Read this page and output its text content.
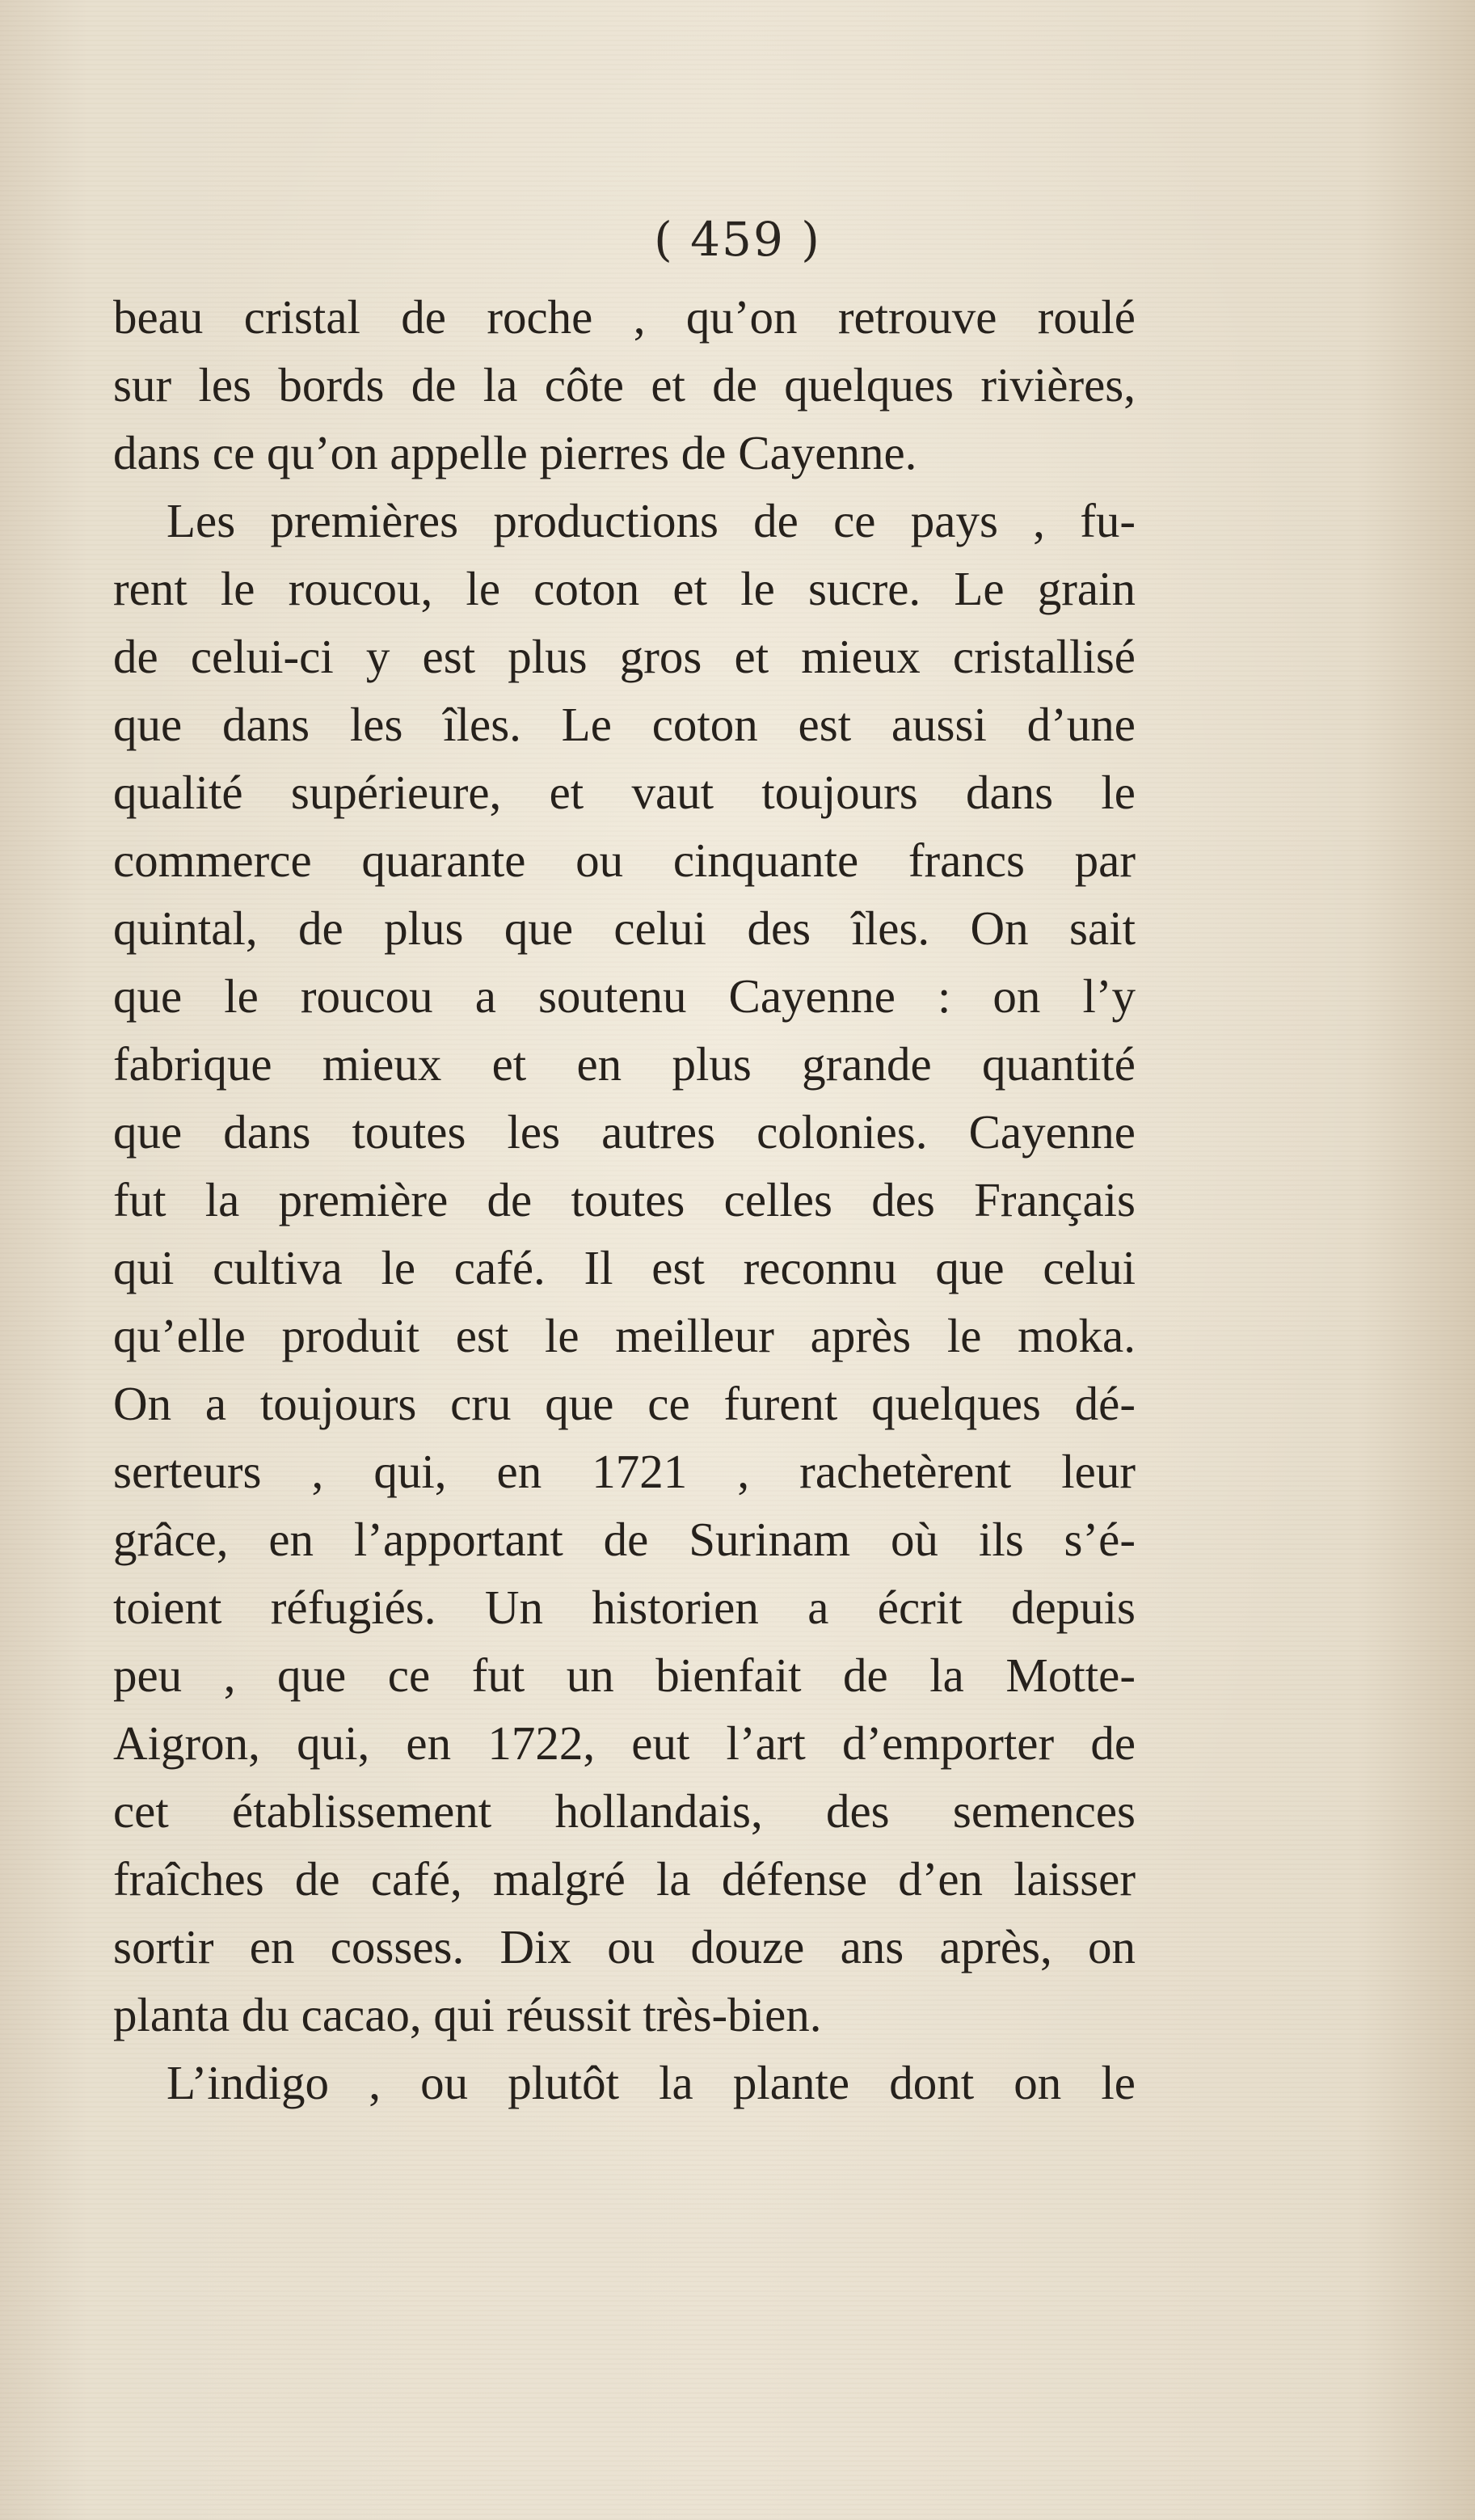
( 459 )
beau cristal de roche , qu’on retrouve roulé
sur les bords de la côte et de quelques rivières,
dans ce qu’on appelle pierres de Cayenne.
Les premières productions de ce pays , fu-
rent le roucou, le coton et le sucre. Le grain
de celui-ci y est plus gros et mieux cristallisé
que dans les îles. Le coton est aussi d’une
qualité supérieure, et vaut toujours dans le
commerce quarante ou cinquante francs par
quintal, de plus que celui des îles. On sait
que le roucou a soutenu Cayenne : on l’y
fabrique mieux et en plus grande quantité
que dans toutes les autres colonies. Cayenne
fut la première de toutes celles des Français
qui cultiva le café. Il est reconnu que celui
qu’elle produit est le meilleur après le moka.
On a toujours cru que ce furent quelques dé-
serteurs , qui, en 1721 , rachetèrent leur
grâce, en l’apportant de Surinam où ils s’é-
toient réfugiés. Un historien a écrit depuis
peu , que ce fut un bienfait de la Motte-
Aigron, qui, en 1722, eut l’art d’emporter de
cet établissement hollandais, des semences
fraîches de café, malgré la défense d’en laisser
sortir en cosses. Dix ou douze ans après, on
planta du cacao, qui réussit très-bien.
L’indigo , ou plutôt la plante dont on le
